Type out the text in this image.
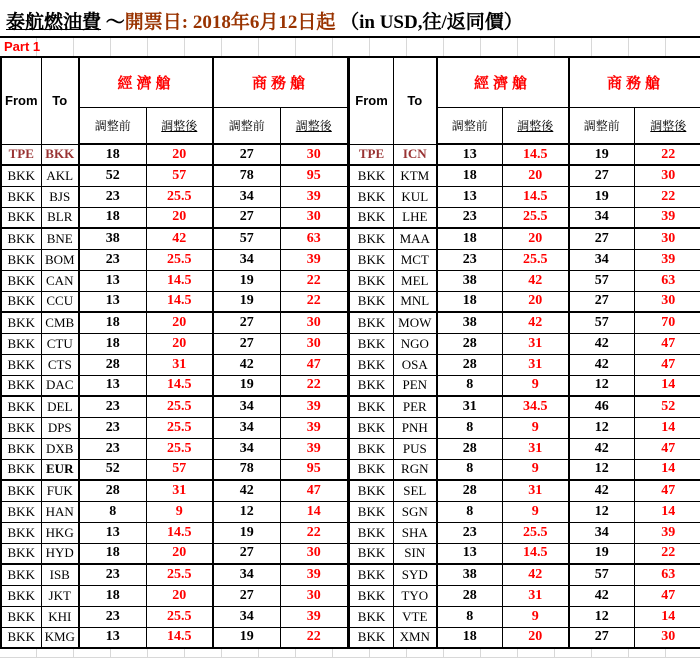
泰航燃油費 ～開票日: 2018年6月12日起 （in USD,往/返同價）
Part 1
From	To	經濟艙		商務艙	
		調整前	調整後	調整前	調整後
TPE	BKK	18	20	27	30
BKK	AKL	52	57	78	95
BKK	BJS	23	25.5	34	39
BKK	BLR	18	20	27	30
BKK	BNE	38	42	57	63
BKK	BOM	23	25.5	34	39
BKK	CAN	13	14.5	19	22
BKK	CCU	13	14.5	19	22
BKK	CMB	18	20	27	30
BKK	CTU	18	20	27	30
BKK	CTS	28	31	42	47
BKK	DAC	13	14.5	19	22
BKK	DEL	23	25.5	34	39
BKK	DPS	23	25.5	34	39
BKK	DXB	23	25.5	34	39
BKK	EUR	52	57	78	95
BKK	FUK	28	31	42	47
BKK	HAN	8	9	12	14
BKK	HKG	13	14.5	19	22
BKK	HYD	18	20	27	30
BKK	ISB	23	25.5	34	39
BKK	JKT	18	20	27	30
BKK	KHI	23	25.5	34	39
BKK	KMG	13	14.5	19	22
From	To	經濟艙		商務艙	
		調整前	調整後	調整前	調整後
TPE	ICN	13	14.5	19	22
BKK	KTM	18	20	27	30
BKK	KUL	13	14.5	19	22
BKK	LHE	23	25.5	34	39
BKK	MAA	18	20	27	30
BKK	MCT	23	25.5	34	39
BKK	MEL	38	42	57	63
BKK	MNL	18	20	27	30
BKK	MOW	38	42	57	70
BKK	NGO	28	31	42	47
BKK	OSA	28	31	42	47
BKK	PEN	8	9	12	14
BKK	PER	31	34.5	46	52
BKK	PNH	8	9	12	14
BKK	PUS	28	31	42	47
BKK	RGN	8	9	12	14
BKK	SEL	28	31	42	47
BKK	SGN	8	9	12	14
BKK	SHA	23	25.5	34	39
BKK	SIN	13	14.5	19	22
BKK	SYD	38	42	57	63
BKK	TYO	28	31	42	47
BKK	VTE	8	9	12	14
BKK	XMN	18	20	27	30
